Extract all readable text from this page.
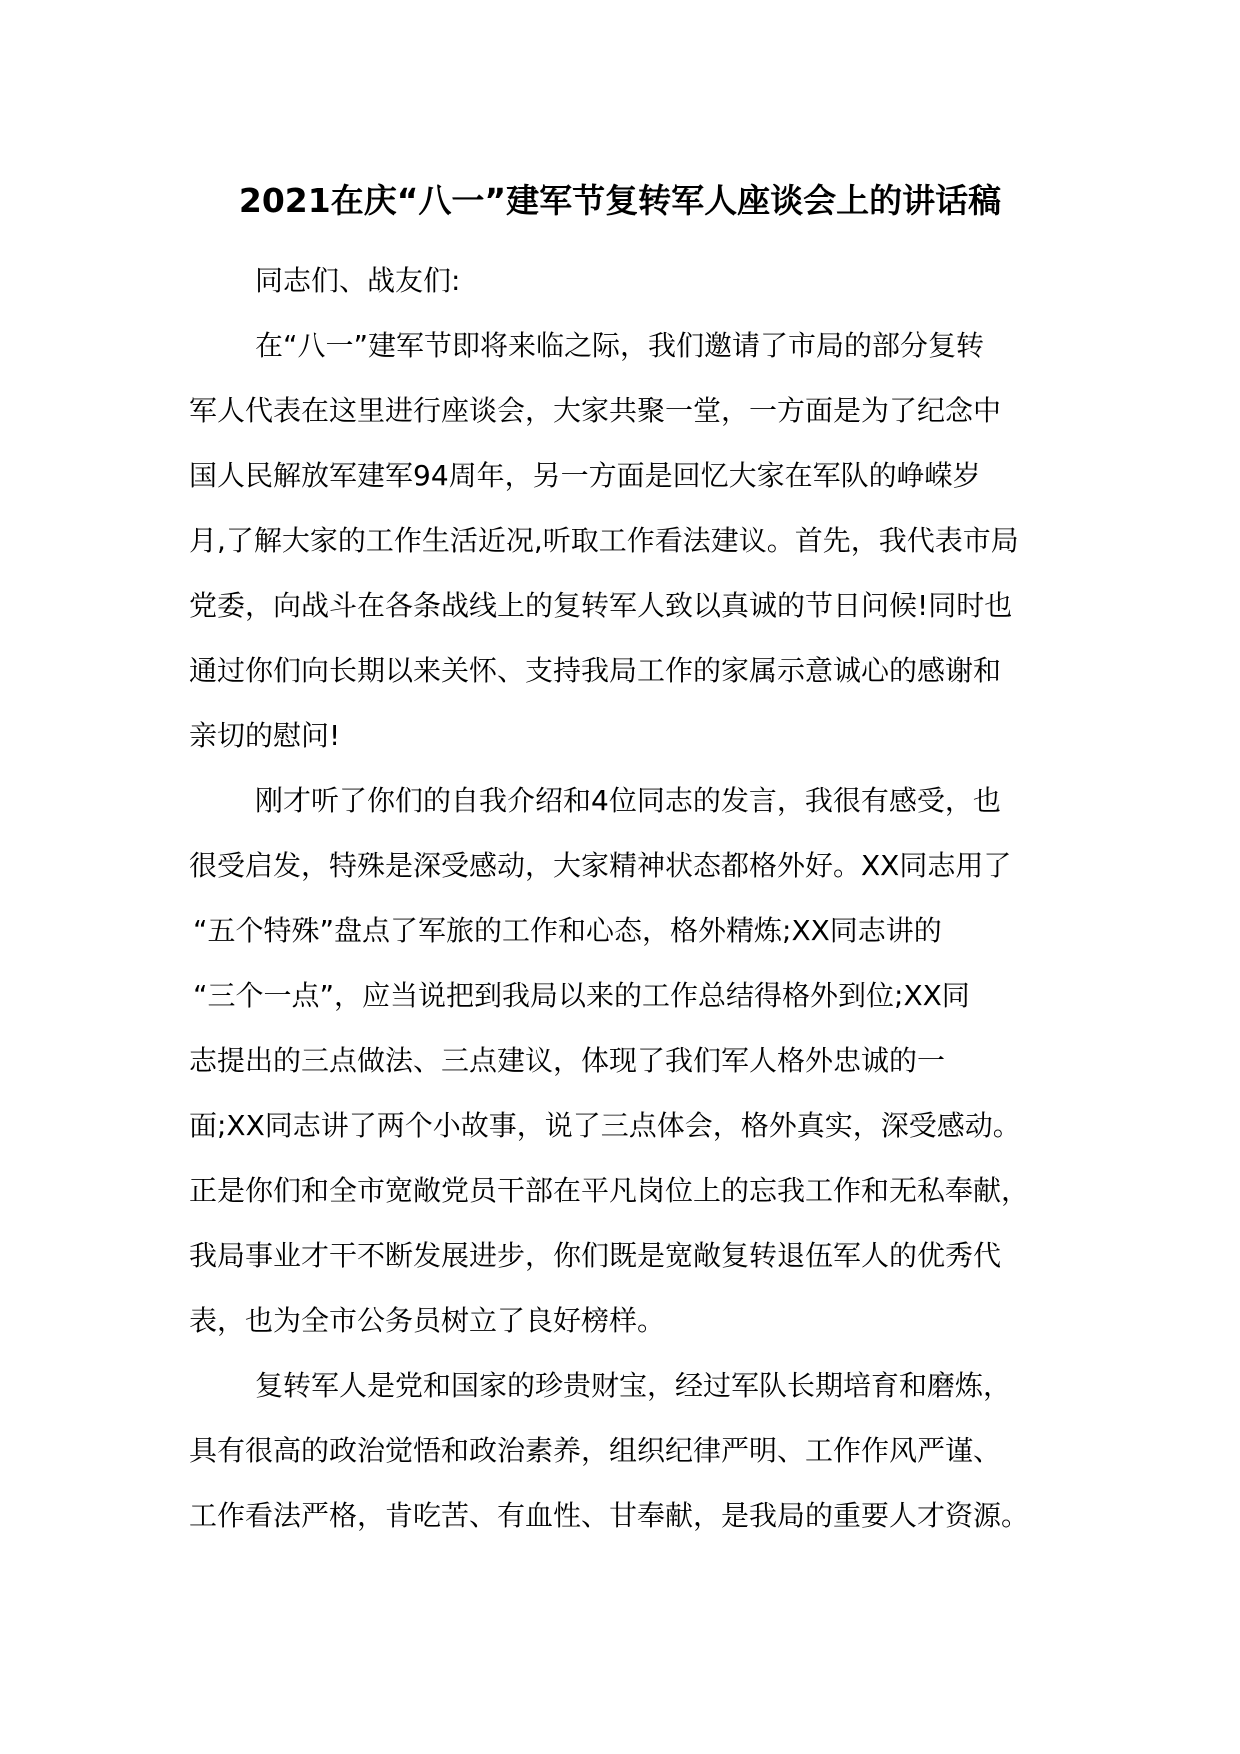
2021在庆“八一”建军节复转军人座谈会上的讲话稿
同志们、战友们:
在“八一”建军节即将来临之际，我们邀请了市局的部分复转
军人代表在这里进行座谈会，大家共聚一堂，一方面是为了纪念中
国人民解放军建军94周年，另一方面是回忆大家在军队的峥嵘岁
月,了解大家的工作生活近况,听取工作看法建议。首先，我代表市局
党委，向战斗在各条战线上的复转军人致以真诚的节日问候!同时也
通过你们向长期以来关怀、支持我局工作的家属示意诚心的感谢和
亲切的慰问!
刚才听了你们的自我介绍和4位同志的发言，我很有感受，也
很受启发，特殊是深受感动，大家精神状态都格外好。XX同志用了
“五个特殊”盘点了军旅的工作和心态，格外精炼;XX同志讲的
“三个一点”，应当说把到我局以来的工作总结得格外到位;XX同
志提出的三点做法、三点建议，体现了我们军人格外忠诚的一
面;XX同志讲了两个小故事，说了三点体会，格外真实，深受感动。
正是你们和全市宽敞党员干部在平凡岗位上的忘我工作和无私奉献，
我局事业才干不断发展进步，你们既是宽敞复转退伍军人的优秀代
表，也为全市公务员树立了良好榜样。
复转军人是党和国家的珍贵财宝，经过军队长期培育和磨炼，
具有很高的政治觉悟和政治素养，组织纪律严明、工作作风严谨、
工作看法严格，肯吃苦、有血性、甘奉献，是我局的重要人才资源。
